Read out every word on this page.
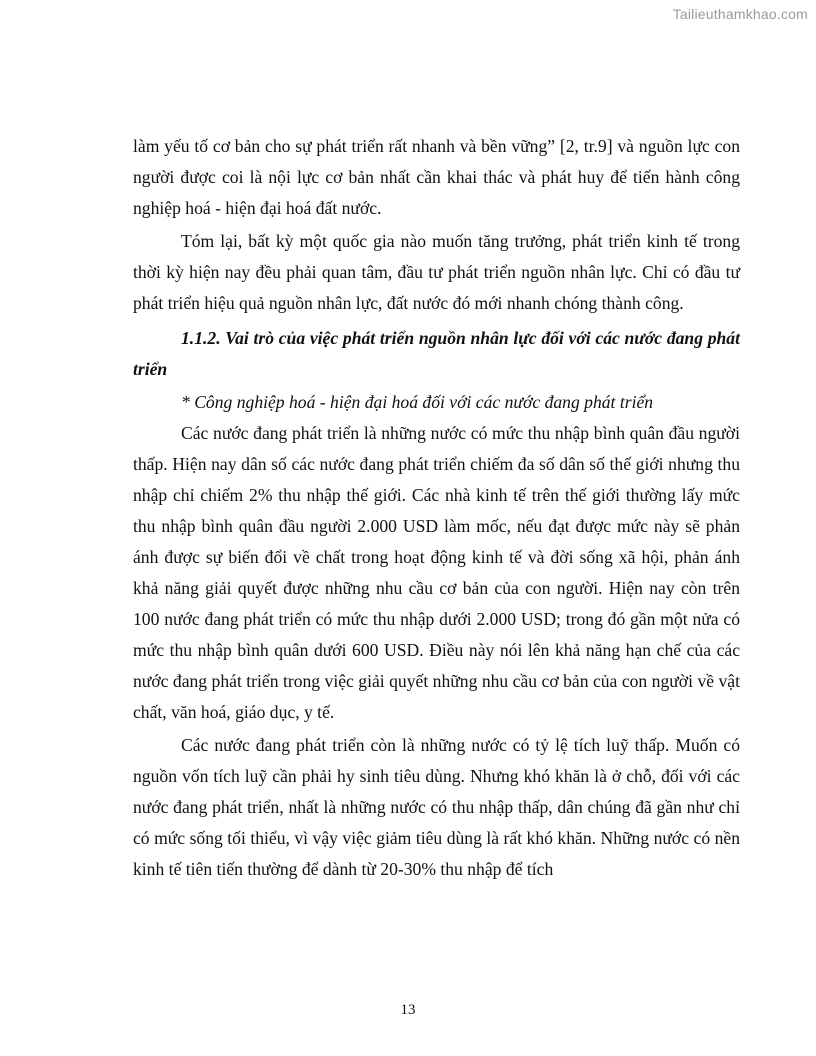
Tailieuthamkhao.com

làm yếu tố cơ bản cho sự phát triển rất nhanh và bền vững” [2, tr.9] và nguồn lực con người được coi là nội lực cơ bản nhất cần khai thác và phát huy để tiến hành công nghiệp hoá - hiện đại hoá đất nước.

Tóm lại, bất kỳ một quốc gia nào muốn tăng trưởng, phát triển kinh tế trong thời kỳ hiện nay đều phải quan tâm, đầu tư phát triển nguồn nhân lực. Chỉ có đầu tư phát triển hiệu quả nguồn nhân lực, đất nước đó mới nhanh chóng thành công.

1.1.2. Vai trò của việc phát triển nguồn nhân lực đối với các nước đang phát triển

* Công nghiệp hoá - hiện đại hoá đối với các nước đang phát triển

Các nước đang phát triển là những nước có mức thu nhập bình quân đầu người thấp. Hiện nay dân số các nước đang phát triển chiếm đa số dân số thế giới nhưng thu nhập chỉ chiếm 2% thu nhập thế giới. Các nhà kinh tế trên thế giới thường lấy mức thu nhập bình quân đầu người 2.000 USD làm mốc, nếu đạt được mức này sẽ phản ánh được sự biến đổi về chất trong hoạt động kinh tế và đời sống xã hội, phản ánh khả năng giải quyết được những nhu cầu cơ bản của con người. Hiện nay còn trên 100 nước đang phát triển có mức thu nhập dưới 2.000 USD; trong đó gần một nửa có mức thu nhập bình quân dưới 600 USD. Điều này nói lên khả năng hạn chế của các nước đang phát triển trong việc giải quyết những nhu cầu cơ bản của con người về vật chất, văn hoá, giáo dục, y tế.

Các nước đang phát triển còn là những nước có tỷ lệ tích luỹ thấp. Muốn có nguồn vốn tích luỹ cần phải hy sinh tiêu dùng. Nhưng khó khăn là ở chỗ, đối với các nước đang phát triển, nhất là những nước có thu nhập thấp, dân chúng đã gần như chỉ có mức sống tối thiểu, vì vậy việc giảm tiêu dùng là rất khó khăn. Những nước có nền kinh tế tiên tiến thường để dành từ 20-30% thu nhập để tích

13
